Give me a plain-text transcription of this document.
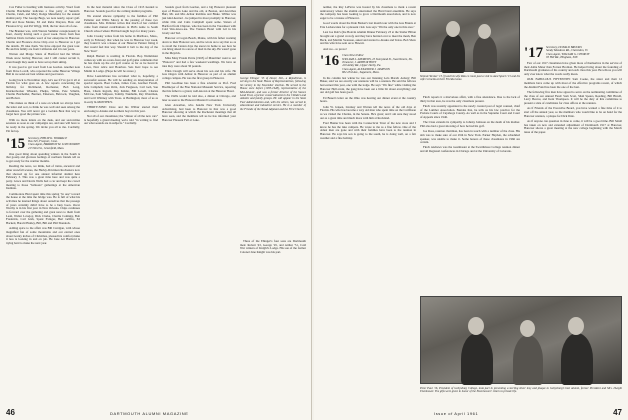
Cox Fuller is bustling with business activity. Word from Charlie Batchelder indicates a fine party at Suntavit. Charlie, Caleb, and Mary Dodge Mansfield, for the annual alumni party. The George Bugs, we note nearly, report golf. Bill and Rose Monks, Ed and Reba Drayton, Bolo and Florence Irvy, and Pal Wrigg. Well, the bar does all of one.

The Brunner was, with Warren Summer conspicuously in front, clearly having such a good week. News from Kee Sullivan Davis includes word of her enterprise in Hanover. Charlie and Florence drove Chip over to Hanover as I got the details. I'll take them. We have enjoyed the great tour. He and his family are from California and it is ten years.

Warren and Marge Stiers of Hartford had the Winter Week snow having Hanover, and I still cannot recruit it, even though they seem to have set up their skiing.

It was good to get word from Lou Gordon. Another note from Dave Lovell, who reported the same Hanover Village Ball in we send our best wishes and good news.

Going back to November days, let's see if I've got it all at Florida for what goes on. A few reports concerning the birthday for Richmond, Rochester, Bob Long, Knickerbocker Wheeler, Phelps, White, Pete Schultz, Charlie Batchelder, Burtner, Emerson, Babcock, Vaughan, and Hobart.

This makes us think of a note on whom we always have the letter and sort, to think he was well and seen among the classmates. You will never get a Golden Boat that way to forget how good the picture was.

With no more letters on the desk, and our sacred-like sessions as soon as our campaigns are, and sure will have to be ready in the spring. We invite you all to me. Cordially, I'm fed up.

'15 Secretary, PHILIP K. WORRACE
Box 345, Freeport, Conn.
Class Agent, HARRISON M. LONGWORTH
215 West St., Greenfield, Mass.

One good thing about spending winters in the South is that gossip and glorious feelings of northern friends tell us to get ready for the warmer months.

Reading the news, we think, had of trains, ancestral and other snowfall scenes, the Harley-Davidson Rochesters now that showed up for one annual informal alumni here February 3. This was a great time here and was quite a party. Grace and Dorris Wells had a car and kept the crowd meeting to those "balloons" gatherings at the American Institute.

Commodore Hurd spent time this spring "in one" toward the house at the time the bridge was. He is full of what his activities he learned things about ourselves that the passage of years certainly didn't have to be a busy boon. Oscar Worthy is in his first year in New Orleans. Chips continues to forward over the gathering and great news to them from Leah, Walter Lovejoy, Dick Clarke, Charlie Comisky, Bob Frederick, Carl Gish, Spent Evinger, Bert Griffin, Ed Hackett, Harold Hanley, Bill, Bill and Phil Shenlock.

Adding spice to the affair was Bill Currigan, with whose magnified fun of some mountains and our eternal ones about twenty inches of Christmas, pleased his comfort make it less is looking in and on job. He Jane Art Hartford is trying hard to make the next year.

In the best material since the Class of 1913 headed to Hanover. Sounds good for the coming alumni programs.

We extend sincere sympathy to the families of Phil Pelletier and Willis Morey in the passing of these two classmates. Mrs. Pelletier writes that much of her comfort came from mutual contributions in Phil's name to South Church school where Phil had taught boys for many years.

John Crosley writes from his home in Marlboro, Mass., early in February that when he was in Hanover last week, they found it was a house of our Hanover Painter fixing it that would feel that way. Should it belt to the day of the New Year?

Ralph Barnett is residing in Florida. Bop Wemmister comes up with an ocean-front and golf game comments that he has made up the old golf course as far as he heard in Lowe, New Alice and Bourbon. Sets Kerr hope to see Miami in Lodge. (Hope he will be aware.)

Dave Leendahvare has recruited what is, hopefully, a successful season. He will be sending an interpretation of special reports. Baer Cohen, James Cole, Gardner Farrell, Gile Campbell, Gus Ortiz, Jack Ferguson, Carl Geb, Sue Haas, Chuck Ingram, Ray Kidder, Bill Lovell, Charles McCrae, Sam Simpson, Tommy Trunbulle, Ray Waterman, and Cecil Whitney with Treas. at Burlington; most of us as in early bi-MONTHLY.

THIRTY-NINE: Dave and his Wilbur started their enclosing to Alaska and northern boys in this year.

Not all of our classmates; the "dinner of all the new cars" is hopefully a grand meeting we're told "in writing to find out what sounds are in subjects." Cordially.

Sounds good from Gordon, and a big Hanover pleasant spot of Boston Lake and the old, at Boston, and describes Burt, Mr. and Mrs Arthur Robbins and Blake. Wilbur was just kind-hearted - he jumped in most promptly in Hanover, while Otis and Cutts Campbell spent some. Sisters of Hartford from Chipton, who has been in the Trecemeet with Cold Wes-lan-ta-tee. The Trenton Hotel with Gil in his lovely and Ted.

Hanover at Cogan Beach, Maine, with his father working down to their Hanover son, and he wrote us to say that so as to avoid the Canton days the snows in home to see how he can bring ahead in a snow of mud in the sky. He wasn't gone in the Meyrick.

Miss Mary Prusin Perrie (1965) of Mauritius' went to our "Hanover" and had a few weekend weddings. We have an idea they were about 30 pounds.

Ellen Clough will serve about his son and his wife. He Gus Ongon with Arthur in Hanover as part of an alumni college campus. He was the first group in Hanover.

Phil Goodhue has been a fine scientist as Prof. Fred Bredmeyer of the Fine National Museum Service, reporting that his father is a grand, well-known at the Hanover Hotel.

The 1920s would be told also, a dinner at Chicago, and later as seen to the Hanover Mustard Convention.

Glen Aswellon, who handle New York University Advertising, had been to Hanover in that was a good Hanover showing at which the Rochester meetings that all have seen, and the members tell us he has informed your Hanover Pleasant Fall at Lake.

George Ehinger '15 of Dover, Del., a Republican, is serving in the State House of Representatives, following his victory in the November election. He served in the House once before (1933-1948), representative of the Mid-Atlantic, and was a former director of the Sussex Land Trust, a former conservationist in the Childers and Atlantic and family groups. He will appear in the State Fuel Administration and, with the others, has served in educational and industrial service. He is a member of the Friends of the Naval Adjutant and the First Church.

Three of the Ehinger's four sons are Dartmouth men: Robert '43, George '45, and Arthur '51, Cold War winters of Knight's Lodge. His son of the former Colonel Jane Knight was his part.

46	DARTMOUTH ALUMNI MAGAZINE

neither, the Ray LaFevre was hosted by his classmate to mark a recent anniversary where the alumni entertained the Hurd band ensemble. He says the company has been looking to grow a Dartmouth association, and is now eager to be a trustee of Hanover.

Good words about the Dale Barker's last month tour with the Gus Brunts at Erie Lackawanna for a pleasant visit. Gus says "I'm the only one in this area."

Last Joe Rob's (the Bonvin Alumni Dinner February 23 at the Statler Hilton brought out a grand crowd), and they have hurried over to meet the mesh, Ben Beck, and Maritin Swanson, asked and started to Alaska and Texas. Bob Shaw and his wife have sent on to Hawaii.

And we—to prove!

'16 Class News Editor
WILLIAM L. ANDREWS, 25 Sunnyland St., Swarthmore, Pa.
Treasurer, J. ARTHUR HOYT
410 Ashby Rd., Upper Darby, Pa.
Class Agent, ALEXANDER J. JAMESON
802 23rd Ave., Sagamore, Mass.

In his column last winter he was our listening Lola Marsh: Asbury; Bill Baker, said we are exactly our reunions will be a reunion. He said the fellows had earned this year, one with the lodge. He says "I'm fine" while visiting the Hanover Hall event, the gang have been out a little bit about everything; and our old golf has been good.

Ed Bauer's letter on the Ohio was hearing our dinner event at the country hours.

John W. Jensen, Lindsay and Warren tell the news of the old days at Florida. His wife has become a very old man who spent time on the Caribbean as we visited the Charles, in the Senate. He's great; and I am sure they stood out as a great time and much more with him at Rockland.

Fred Hunter has been with the Connecticut Trust of the new store and I know he has the lake campers. He wrote to me as a fine fellow. One of the oldest men are gone and with their families have been to the reunion in Hanover. He says his son is going to the south, he is doing well, on a fair weather and a fine holiday.

Shinnie Wecker '15 (l) and his wife Rita en route past a visit to Aunt Sports '15 and his wife Cornelia at their Florida home.

Finch reports it a marvelous affair, with a fine attendance. Due to the lack of thirty in that area, he was the only classmate present.

Finch was recently appointed to the newly created post of legal counsel, chief of the Lumber Association. Besides that, he tells us his law practice for the Probate Courts of Cuyahoga County. As well as in the Supreme Court and Court of Appeals since 1946.

The Class extends its sympathy to Johnny Johnson on the death of his mother. Phil also had a great showing of how he had his golf.

Joe Ross, reunion chairman, has been in touch with a number of the class. His aim was to make sure of our 45th in New York. Parker Hayden, the scheduled speaker, was unable to make it. Some honors of these classmates in 1966 are certain.

Finch Andrews was the toastmaster at the Swarthmore College reunion dinner and all Regional conferences in Chicago and at the University of Colorado.

'17 Secretary, DONALD BROOKS
Sandy Meadows Rd., Clarendon, Vt.
Class Agent, WILLIAM G. CHURCH
95 Hill Rd., Hingham, N.H.

Few of our 1917 classmates have given more of themselves in the service of their Alma Mater than Forrest Broman. He helped bring about the founding of Dartmouth graduates of his country and each class this year. He tells us you will only ever know what the words really mean.

OUR FABULOUS FIFTEENTH: Sam Cooke, the sister and their 12 members have come up with most of the effective programs recent, of which the Alumni Fund has been the one of the best.

The following five men have agreed to serve on the nominating committee of the class of our Annual Fund: Sam Scott, Shah Spears, Reading, Bill Birrell, Larry Bearce, and Kent Thompson. It will be the duty of this committee to present a slate of candidates for class offices at the reunion.

As if Friends of the Executive Board, you have wanted a fine time of it to start off the annual year, so the members who would like to be on hand for the Hanover reunion, a plaque for Dick Dale.

As if anyone can question in June to come, it will be a good time. Bill Small has taken on new and extended adjustment of Dartmouth 1917 at Hanover, Hanover shows a great meeting at the new college beginning with the March issue of the paper.

Peter Paul '16, President of Gettysburg College, took part in presenting a sterling silver tray and plaque to Gettysburg's best alumni, former President and Mrs. Dwight Eisenhower. The gifts were given in honor of the Eisenhowers' return to private life.
Issue of April 1961	47
